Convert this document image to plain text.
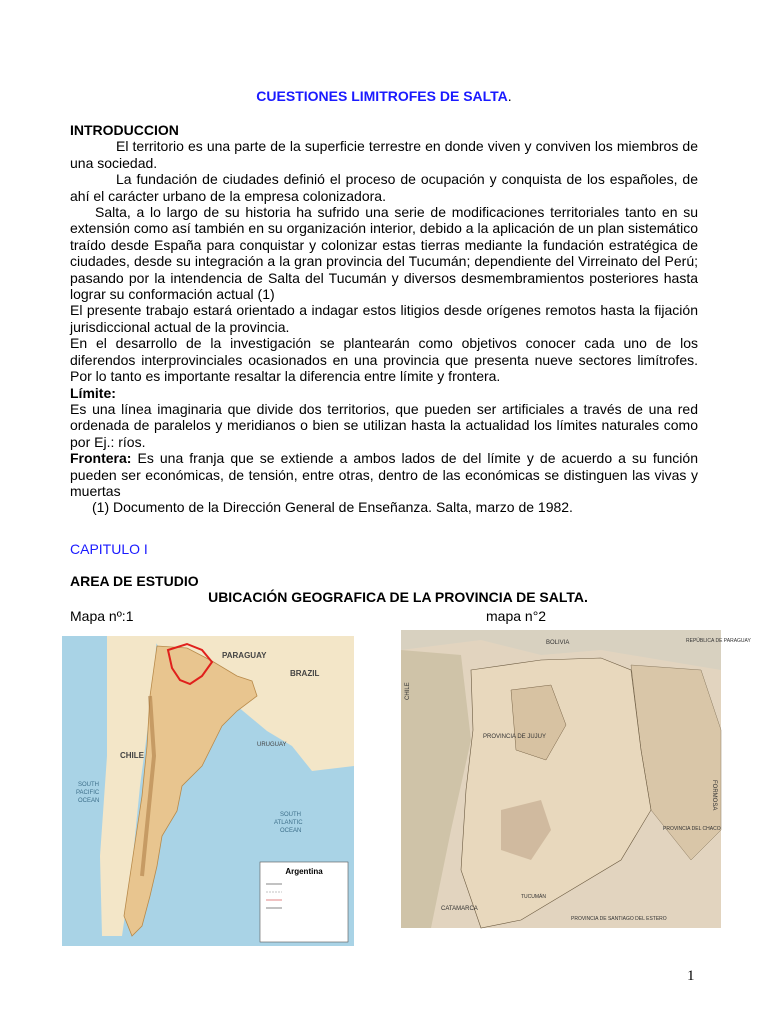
CUESTIONES LIMITROFES DE SALTA.

INTRODUCCION

El territorio es una parte de la superficie terrestre en donde viven y conviven los miembros de una sociedad.

La fundación de ciudades definió el proceso de ocupación y conquista de los españoles, de ahí el carácter urbano de la empresa colonizadora.

Salta, a lo largo de su historia ha sufrido una serie de modificaciones territoriales tanto en su extensión como así también en su organización interior, debido a la aplicación de un plan sistemático traído desde España para conquistar y colonizar estas tierras mediante la fundación estratégica de ciudades, desde su integración a la gran provincia del Tucumán; dependiente del Virreinato del Perú; pasando por la intendencia de Salta del Tucumán y diversos desmembramientos posteriores hasta lograr su conformación actual (1)

El presente trabajo estará orientado a indagar estos litigios desde orígenes remotos hasta la fijación jurisdiccional actual de la provincia.

En el desarrollo de la investigación se plantearán como objetivos conocer cada uno de los diferendos interprovinciales ocasionados en una provincia que presenta nueve sectores limítrofes. Por lo tanto es importante resaltar la diferencia entre límite y frontera.

Límite:

Es una línea imaginaria que divide dos territorios, que pueden ser artificiales a través de una red ordenada de paralelos y meridianos o bien se utilizan hasta la actualidad los límites naturales como por Ej.: ríos.

Frontera: Es una franja que se extiende a ambos lados de del límite y de acuerdo a su función pueden ser económicas, de tensión, entre otras, dentro de las económicas se distinguen las vivas y muertas

(1) Documento de la Dirección General de Enseñanza. Salta, marzo de 1982.

CAPITULO I
AREA DE ESTUDIO
UBICACIÓN GEOGRAFICA DE LA PROVINCIA DE SALTA.
Mapa nº:1	mapa n°2
PARAGUAY
BRAZIL
CHILE
URUGUAY
SOUTH
PACIFIC
OCEAN
SOUTH
ATLANTIC
OCEAN
Argentina
BOLIVIA	REPÚBLICA DE PARAGUAY
CHILE
PROVINCIA DE JUJUY
FORMOSA
PROVINCIA DEL CHACO
CATAMARCA
PROVINCIA DE SANTIAGO DEL ESTERO
TUCUMÁN
1
